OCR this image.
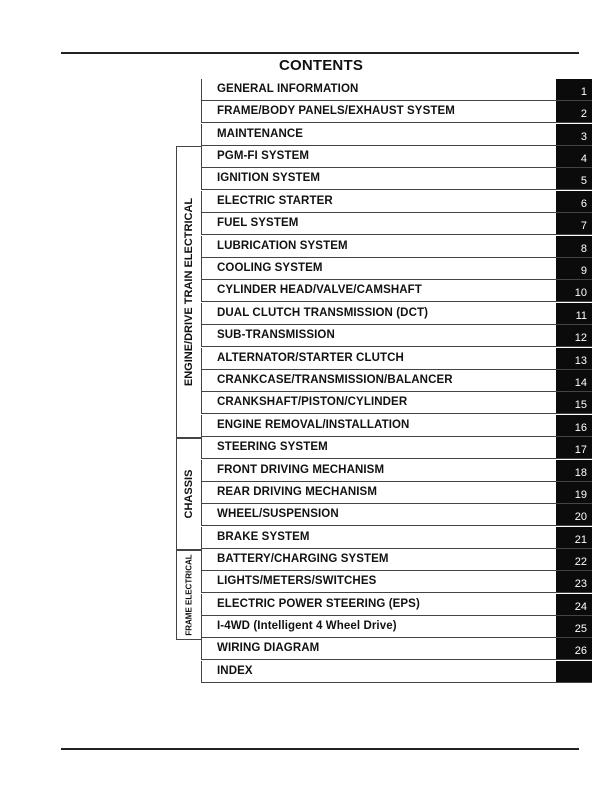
CONTENTS
ENGINE/DRIVE TRAIN ELECTRICAL
CHASSIS
FRAME ELECTRICAL
GENERAL INFORMATION	1
FRAME/BODY PANELS/EXHAUST SYSTEM	2
MAINTENANCE	3
PGM-FI SYSTEM	4
IGNITION SYSTEM	5
ELECTRIC STARTER	6
FUEL SYSTEM	7
LUBRICATION SYSTEM	8
COOLING SYSTEM	9
CYLINDER HEAD/VALVE/CAMSHAFT	10
DUAL CLUTCH TRANSMISSION (DCT)	11
SUB-TRANSMISSION	12
ALTERNATOR/STARTER CLUTCH	13
CRANKCASE/TRANSMISSION/BALANCER	14
CRANKSHAFT/PISTON/CYLINDER	15
ENGINE REMOVAL/INSTALLATION	16
STEERING SYSTEM	17
FRONT DRIVING MECHANISM	18
REAR DRIVING MECHANISM	19
WHEEL/SUSPENSION	20
BRAKE SYSTEM	21
BATTERY/CHARGING SYSTEM	22
LIGHTS/METERS/SWITCHES	23
ELECTRIC POWER STEERING (EPS)	24
I-4WD (Intelligent 4 Wheel Drive)	25
WIRING DIAGRAM	26
INDEX
